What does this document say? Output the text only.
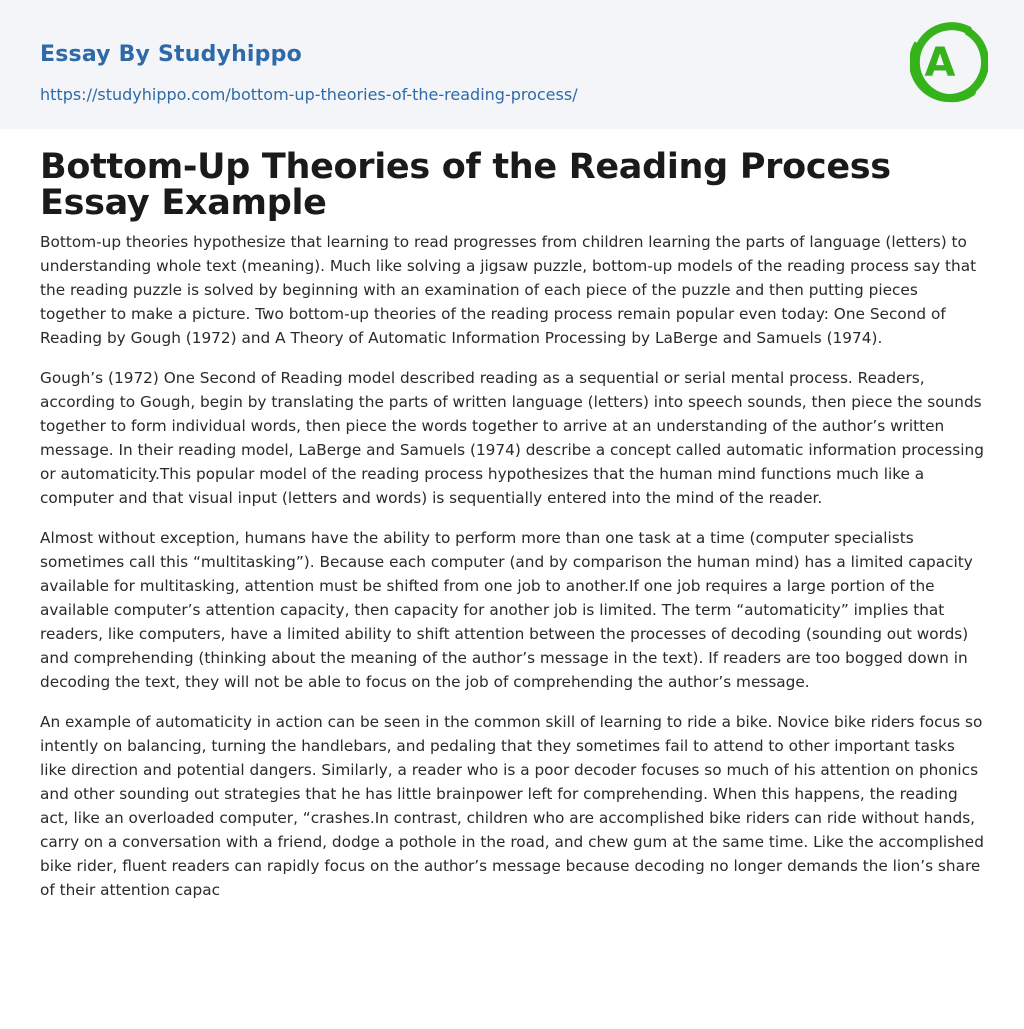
Essay By Studyhippo
https://studyhippo.com/bottom-up-theories-of-the-reading-process/
A
Bottom-Up Theories of the Reading Process Essay Example

Bottom-up theories hypothesize that learning to read progresses from children learning the parts of language (letters) to understanding whole text (meaning). Much like solving a jigsaw puzzle, bottom-up models of the reading process say that the reading puzzle is solved by beginning with an examination of each piece of the puzzle and then putting pieces together to make a picture. Two bottom-up theories of the reading process remain popular even today: One Second of Reading by Gough (1972) and A Theory of Automatic Information Processing by LaBerge and Samuels (1974).

Gough’s (1972) One Second of Reading model described reading as a sequential or serial mental process. Readers, according to Gough, begin by translating the parts of written language (letters) into speech sounds, then piece the sounds together to form individual words, then piece the words together to arrive at an understanding of the author’s written message. In their reading model, LaBerge and Samuels (1974) describe a concept called automatic information processing or automaticity.This popular model of the reading process hypothesizes that the human mind functions much like a computer and that visual input (letters and words) is sequentially entered into the mind of the reader.

Almost without exception, humans have the ability to perform more than one task at a time (computer specialists sometimes call this “multitasking”). Because each computer (and by comparison the human mind) has a limited capacity available for multitasking, attention must be shifted from one job to another.If one job requires a large portion of the available computer’s attention capacity, then capacity for another job is limited. The term “automaticity” implies that readers, like computers, have a limited ability to shift attention between the processes of decoding (sounding out words) and comprehending (thinking about the meaning of the author’s message in the text). If readers are too bogged down in decoding the text, they will not be able to focus on the job of comprehending the author’s message.

An example of automaticity in action can be seen in the common skill of learning to ride a bike. Novice bike riders focus so intently on balancing, turning the handlebars, and pedaling that they sometimes fail to attend to other important tasks like direction and potential dangers. Similarly, a reader who is a poor decoder focuses so much of his attention on phonics and other sounding out strategies that he has little brainpower left for comprehending. When this happens, the reading act, like an overloaded computer, “crashes.In contrast, children who are accomplished bike riders can ride without hands, carry on a conversation with a friend, dodge a pothole in the road, and chew gum at the same time. Like the accomplished bike rider, fluent readers can rapidly focus on the author’s message because decoding no longer demands the lion’s share of their attention capac
